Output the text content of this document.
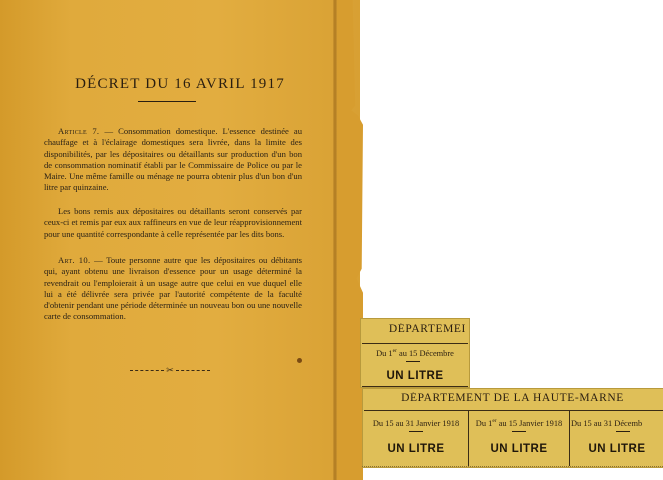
DÉCRET DU 16 AVRIL 1917
Article 7. — Consommation domestique. L'essence destinée au chauffage et à l'éclairage domestiques sera livrée, dans la limite des disponibilités, par les dépositaires ou détaillants sur production d'un bon de consommation nominatif établi par le Commissaire de Police ou par le Maire. Une même famille ou ménage ne pourra obtenir plus d'un bon d'un litre par quinzaine.
Les bons remis aux dépositaires ou détaillants seront conservés par ceux-ci et remis par eux aux raffineurs en vue de leur réapprovisionnement pour une quantité correspondante à celle représentée par les dits bons.
Art. 10. — Toute personne autre que les dépositaires ou débitants qui, ayant obtenu une livraison d'essence pour un usage déterminé la revendrait ou l'emploierait à un usage autre que celui en vue duquel elle lui a été délivrée sera privée par l'autorité compétente de la faculté d'obtenir pendant une période déterminée un nouveau bon ou une nouvelle carte de consommation.
✂
DÉPARTEMEI
Du 1er au 15 Décembre
UN LITRE
DÉPARTEMENT DE LA HAUTE-MARNE
Du 15 au 31 Janvier 1918
UN LITRE
Du 1er au 15 Janvier 1918
UN LITRE
Du 15 au 31 Décemb
UN LITRE
